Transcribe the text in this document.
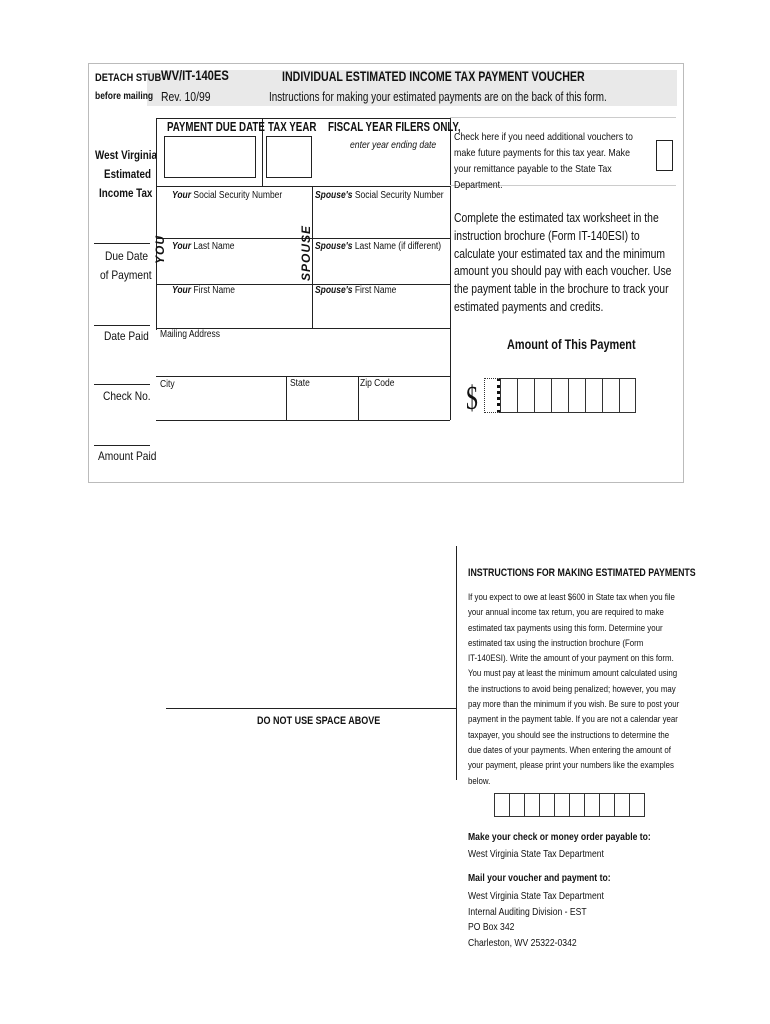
DETACH STUB
before mailing
West Virginia
Estimated
Income Tax
Due Date
of Payment
Date Paid
Check No.
Amount Paid
WV/IT-140ES
Rev. 10/99
INDIVIDUAL ESTIMATED INCOME TAX PAYMENT VOUCHER
Instructions for making your estimated payments are on the back of this form.
PAYMENT DUE DATE TAX YEAR FISCAL YEAR FILERS ONLY,
enter year ending date
Check here if you need additional vouchers to make future payments for this tax year. Make your remittance payable to the State Tax Department.
YOU	SPOUSE
Your Social Security Number	Spouse's Social Security Number
Your Last Name	Spouse's Last Name (if different)
Your First Name	Spouse's First Name
Mailing Address
City	State	Zip Code
Complete the estimated tax worksheet in the instruction brochure (Form IT-140ESI) to calculate your estimated tax and the minimum amount you should pay with each voucher. Use the payment table in the brochure to track your estimated payments and credits.
Amount of This Payment
$
DO NOT USE SPACE ABOVE
INSTRUCTIONS FOR MAKING ESTIMATED PAYMENTS
If you expect to owe at least $600 in State tax when you file
your annual income tax return, you are required to make
estimated tax payments using this form. Determine your
estimated tax using the instruction brochure (Form
IT-140ESI). Write the amount of your payment on this form.
You must pay at least the minimum amount calculated using
the instructions to avoid being penalized; however, you may
pay more than the minimum if you wish. Be sure to post your
payment in the payment table. If you are not a calendar year
taxpayer, you should see the instructions to determine the
due dates of your payments. When entering the amount of
your payment, please print your numbers like the examples
below.
Make your check or money order payable to:
West Virginia State Tax Department
Mail your voucher and payment to:
West Virginia State Tax Department
Internal Auditing Division - EST
PO Box 342
Charleston, WV 25322-0342
